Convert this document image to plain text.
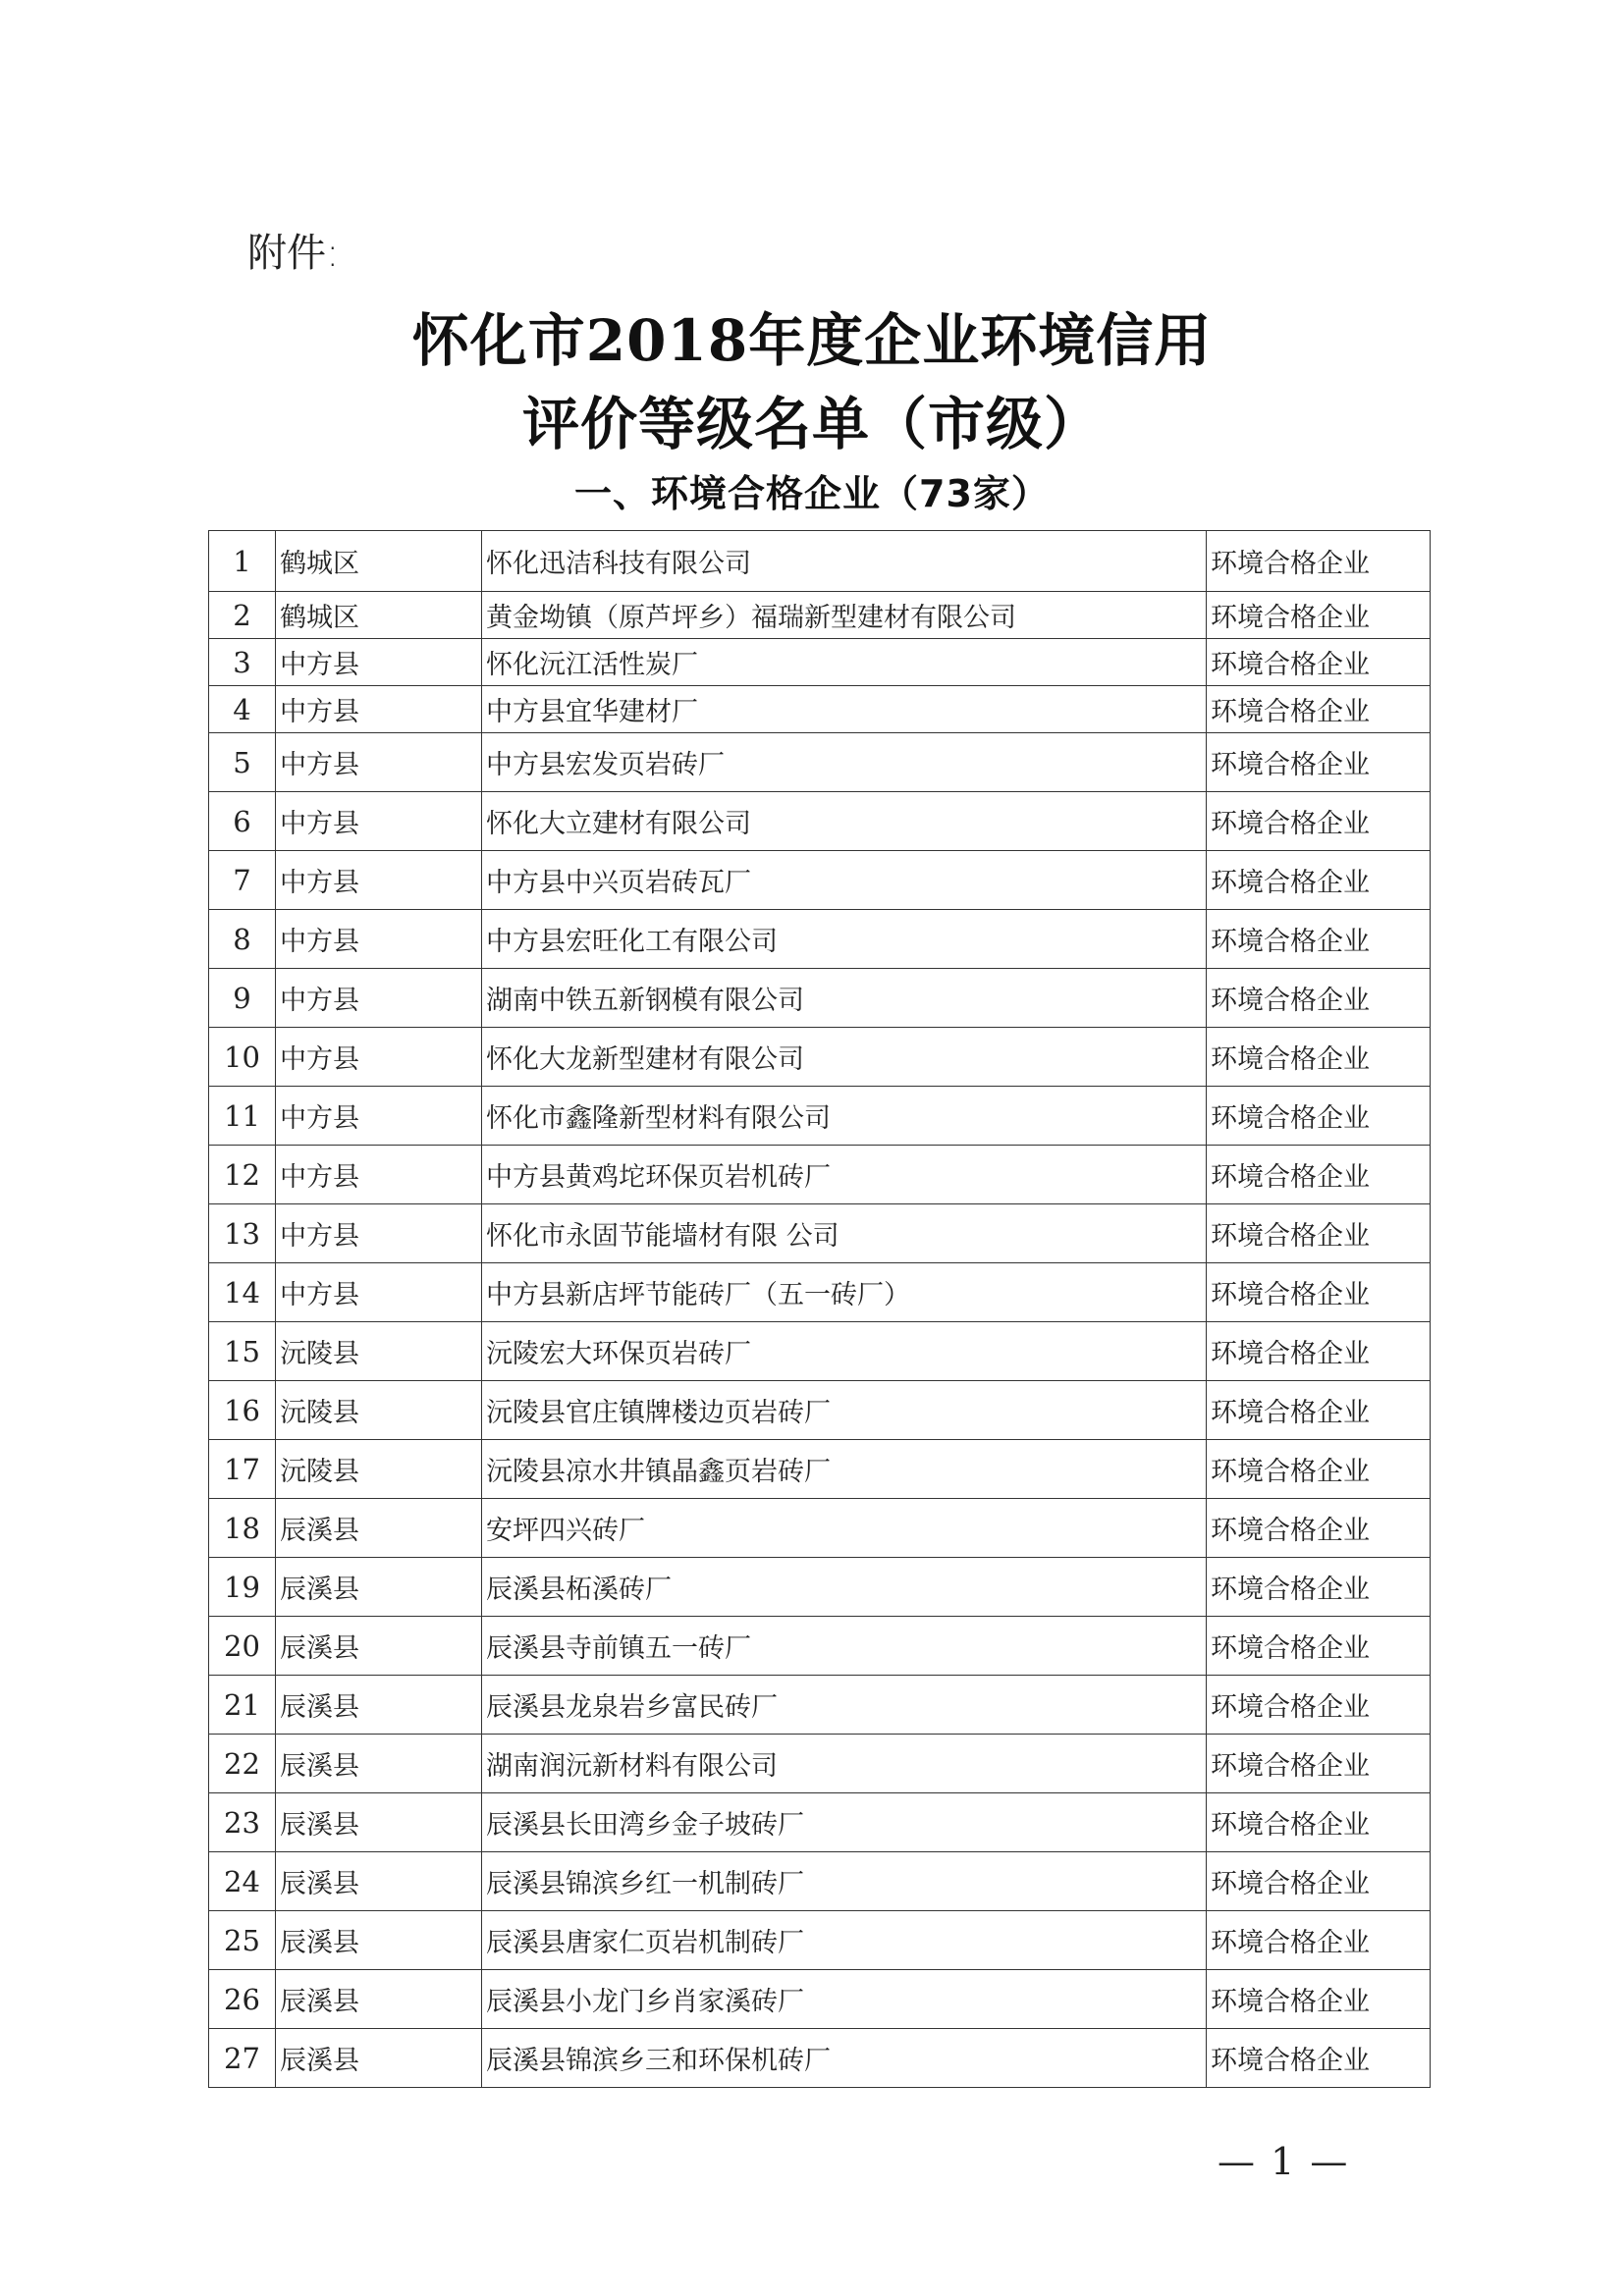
附件:
怀化市2018年度企业环境信用
评价等级名单（市级）
一、环境合格企业（73家）
1	鹤城区	怀化迅洁科技有限公司	环境合格企业
2	鹤城区	黄金坳镇（原芦坪乡）福瑞新型建材有限公司	环境合格企业
3	中方县	怀化沅江活性炭厂	环境合格企业
4	中方县	中方县宜华建材厂	环境合格企业
5	中方县	中方县宏发页岩砖厂	环境合格企业
6	中方县	怀化大立建材有限公司	环境合格企业
7	中方县	中方县中兴页岩砖瓦厂	环境合格企业
8	中方县	中方县宏旺化工有限公司	环境合格企业
9	中方县	湖南中铁五新钢模有限公司	环境合格企业
10	中方县	怀化大龙新型建材有限公司	环境合格企业
11	中方县	怀化市鑫隆新型材料有限公司	环境合格企业
12	中方县	中方县黄鸡坨环保页岩机砖厂	环境合格企业
13	中方县	怀化市永固节能墙材有限 公司	环境合格企业
14	中方县	中方县新店坪节能砖厂（五一砖厂）	环境合格企业
15	沅陵县	沅陵宏大环保页岩砖厂	环境合格企业
16	沅陵县	沅陵县官庄镇牌楼边页岩砖厂	环境合格企业
17	沅陵县	沅陵县凉水井镇晶鑫页岩砖厂	环境合格企业
18	辰溪县	安坪四兴砖厂	环境合格企业
19	辰溪县	辰溪县柘溪砖厂	环境合格企业
20	辰溪县	辰溪县寺前镇五一砖厂	环境合格企业
21	辰溪县	辰溪县龙泉岩乡富民砖厂	环境合格企业
22	辰溪县	湖南润沅新材料有限公司	环境合格企业
23	辰溪县	辰溪县长田湾乡金子坡砖厂	环境合格企业
24	辰溪县	辰溪县锦滨乡红一机制砖厂	环境合格企业
25	辰溪县	辰溪县唐家仁页岩机制砖厂	环境合格企业
26	辰溪县	辰溪县小龙门乡肖家溪砖厂	环境合格企业
27	辰溪县	辰溪县锦滨乡三和环保机砖厂	环境合格企业
— 1 —
